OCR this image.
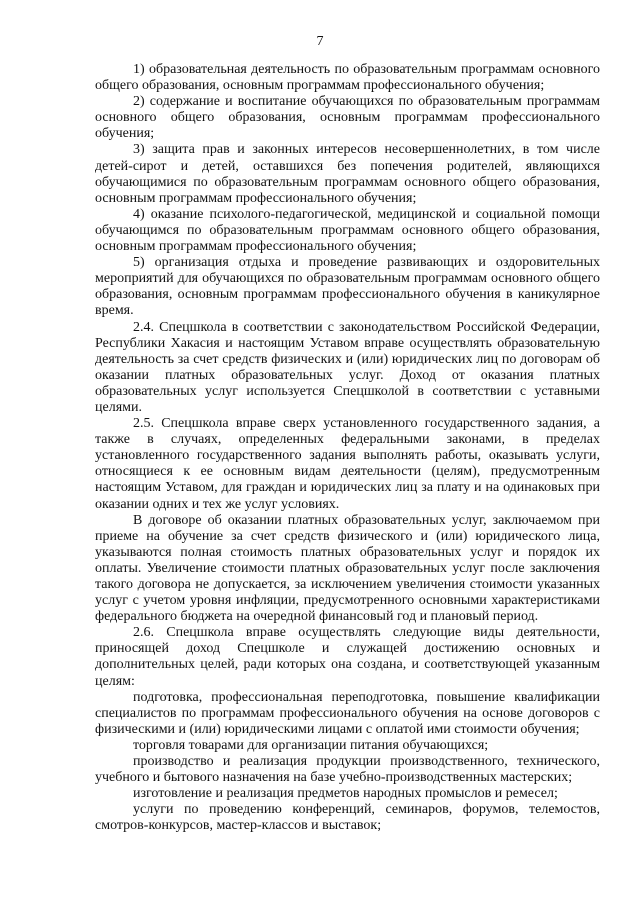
7

1) образовательная деятельность по образовательным программам основного общего образования, основным программам профессионального обучения;

2) содержание и воспитание обучающихся по образовательным программам основного общего образования, основным программам профессионального обучения;

3) защита прав и законных интересов несовершеннолетних, в том числе детей-сирот и детей, оставшихся без попечения родителей, являющихся обучающимися по образовательным программам основного общего образования, основным программам профессионального обучения;

4) оказание психолого-педагогической, медицинской и социальной помощи обучающимся по образовательным программам основного общего образования, основным программам профессионального обучения;

5) организация отдыха и проведение развивающих и оздоровительных мероприятий для обучающихся по образовательным программам основного общего образования, основным программам профессионального обучения в каникулярное время.

2.4. Спецшкола в соответствии с законодательством Российской Федерации, Республики Хакасия и настоящим Уставом вправе осуществлять образовательную деятельность за счет средств физических и (или) юридических лиц по договорам об оказании платных образовательных услуг. Доход от оказания платных образовательных услуг используется Спецшколой в соответствии с уставными целями.

2.5. Спецшкола вправе сверх установленного государственного задания, а также в случаях, определенных федеральными законами, в пределах установленного государственного задания выполнять работы, оказывать услуги, относящиеся к ее основным видам деятельности (целям), предусмотренным настоящим Уставом, для граждан и юридических лиц за плату и на одинаковых при оказании одних и тех же услуг условиях.

В договоре об оказании платных образовательных услуг, заключаемом при приеме на обучение за счет средств физического и (или) юридического лица, указываются полная стоимость платных образовательных услуг и порядок их оплаты. Увеличение стоимости платных образовательных услуг после заключения такого договора не допускается, за исключением увеличения стоимости указанных услуг с учетом уровня инфляции, предусмотренного основными характеристиками федерального бюджета на очередной финансовый год и плановый период.

2.6. Спецшкола вправе осуществлять следующие виды деятельности, приносящей доход Спецшколе и служащей достижению основных и дополнительных целей, ради которых она создана, и соответствующей указанным целям:

подготовка, профессиональная переподготовка, повышение квалификации специалистов по программам профессионального обучения на основе договоров с физическими и (или) юридическими лицами с оплатой ими стоимости обучения;

торговля товарами для организации питания обучающихся;

производство и реализация продукции производственного, технического, учебного и бытового назначения на базе учебно-производственных мастерских;

изготовление и реализация предметов народных промыслов и ремесел;

услуги по проведению конференций, семинаров, форумов, телемостов, смотров-конкурсов, мастер-классов и выставок;
